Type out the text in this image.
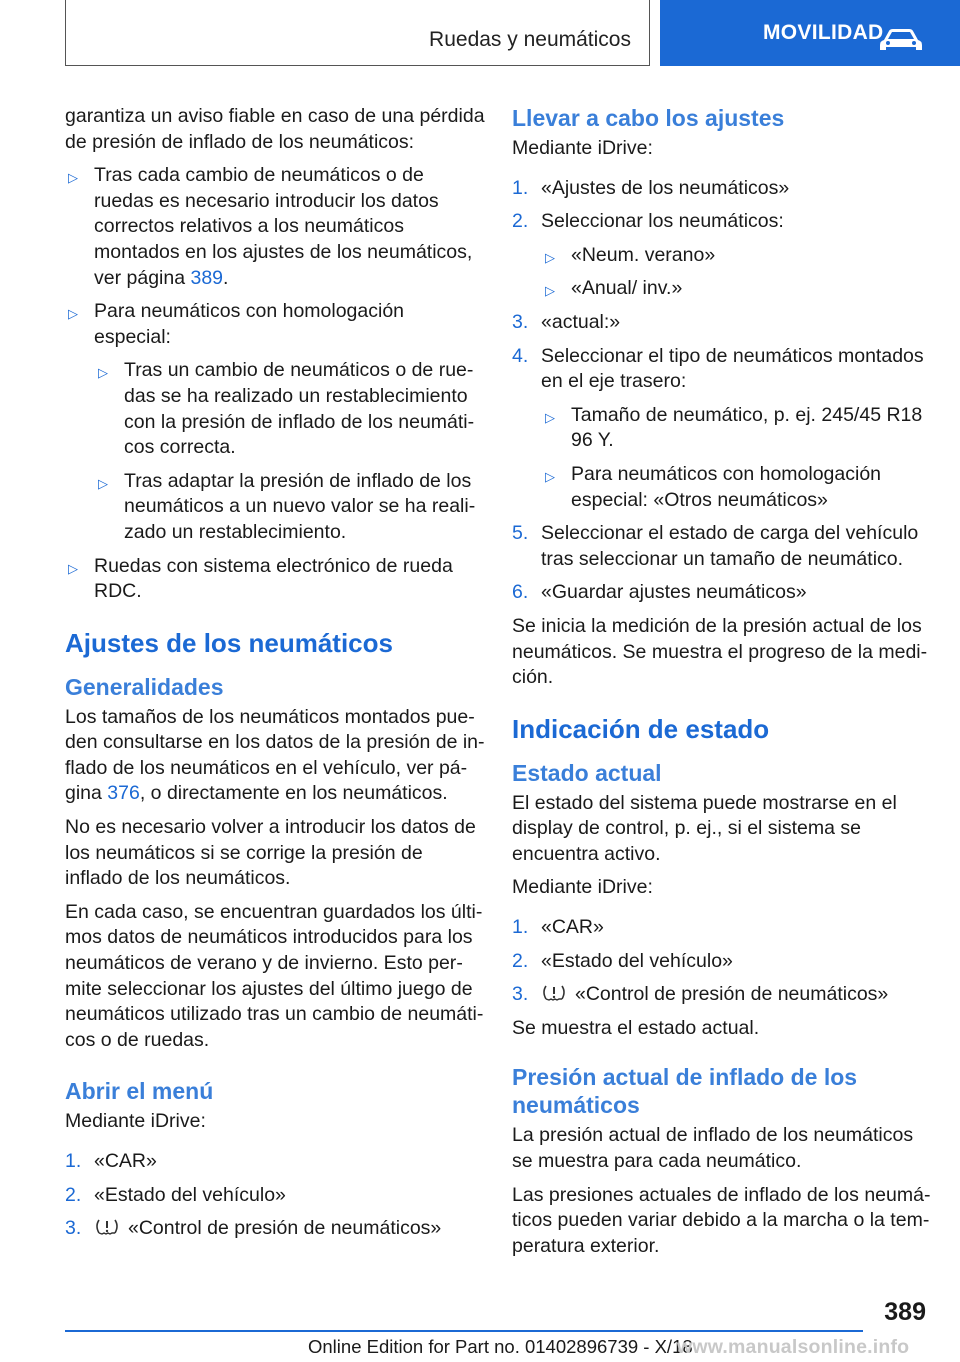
Ruedas y neumáticos	MOVILIDAD

garantiza un aviso fiable en caso de una pérdida de presión de inflado de los neumáticos:

▷ Tras cada cambio de neumáticos o de ruedas es necesario introducir los datos correctos relativos a los neumáticos montados en los ajustes de los neumáticos, ver página 389.
▷ Para neumáticos con homologación especial:
▷ Tras un cambio de neumáticos o de ruedas se ha realizado un restablecimiento con la presión de inflado de los neumáticos correcta.
▷ Tras adaptar la presión de inflado de los neumáticos a un nuevo valor se ha realizado un restablecimiento.
▷ Ruedas con sistema electrónico de rueda RDC.
Ajustes de los neumáticos
Generalidades

Los tamaños de los neumáticos montados pueden consultarse en los datos de la presión de inflado de los neumáticos en el vehículo, ver página 376, o directamente en los neumáticos.

No es necesario volver a introducir los datos de los neumáticos si se corrige la presión de inflado de los neumáticos.

En cada caso, se encuentran guardados los últimos datos de neumáticos introducidos para los neumáticos de verano y de invierno. Esto permite seleccionar los ajustes del último juego de neumáticos utilizado tras un cambio de neumáticos o de ruedas.

Abrir el menú

Mediante iDrive:

1. «CAR»
2. «Estado del vehículo»
3. «Control de presión de neumáticos»
Llevar a cabo los ajustes

Mediante iDrive:

1. «Ajustes de los neumáticos»
2. Seleccionar los neumáticos:
▷ «Neum. verano»
▷ «Anual/ inv.»
3. «actual:»
4. Seleccionar el tipo de neumáticos montados en el eje trasero:
▷ Tamaño de neumático, p. ej. 245/45 R18 96 Y.
▷ Para neumáticos con homologación especial: «Otros neumáticos»
5. Seleccionar el estado de carga del vehículo tras seleccionar un tamaño de neumático.
6. «Guardar ajustes neumáticos»

Se inicia la medición de la presión actual de los neumáticos. Se muestra el progreso de la medición.

Indicación de estado
Estado actual

El estado del sistema puede mostrarse en el display de control, p. ej., si el sistema se encuentra activo.

Mediante iDrive:

1. «CAR»
2. «Estado del vehículo»
3. «Control de presión de neumáticos»

Se muestra el estado actual.

Presión actual de inflado de los neumáticos

La presión actual de inflado de los neumáticos se muestra para cada neumático.

Las presiones actuales de inflado de los neumáticos pueden variar debido a la marcha o la temperatura exterior.

389
Online Edition for Part no. 01402896739 - X/18
www.manualsonline.info
